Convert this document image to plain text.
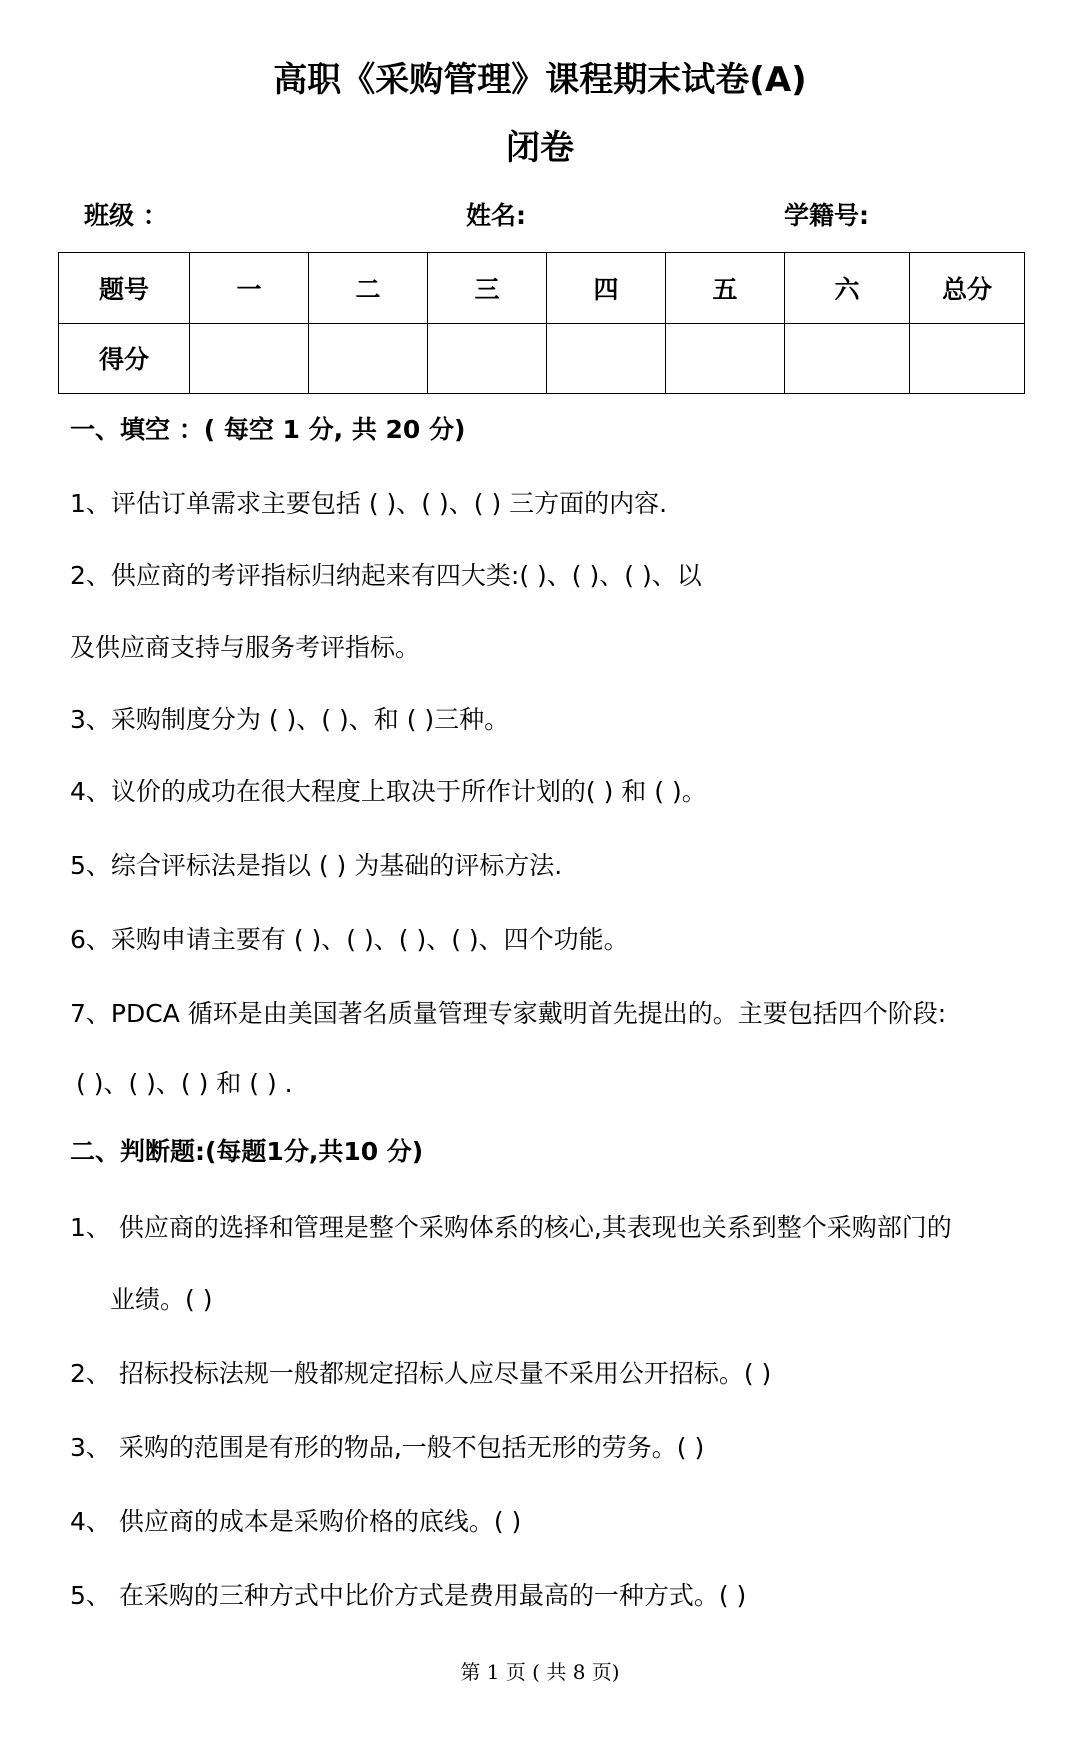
高职《采购管理》课程期末试卷(A)
闭卷
班级 ：	姓名:	学籍号:
题号	一	二	三	四	五	六	总分
得分							
一、填空 ：( 每空 1 分, 共 20 分)
1、评估订单需求主要包括 ( )、( )、( ) 三方面的内容.
2、供应商的考评指标归纳起来有四大类:( )、( )、( )、以
及供应商支持与服务考评指标。
3、采购制度分为 ( )、( )、和 ( )三种。
4、议价的成功在很大程度上取决于所作计划的( ) 和 ( )。
5、综合评标法是指以 ( ) 为基础的评标方法.
6、采购申请主要有 ( )、( )、( )、( )、四个功能。
7、PDCA 循环是由美国著名质量管理专家戴明首先提出的。主要包括四个阶段:
( )、( )、( ) 和 ( ) .
二、判断题:(每题1分,共10 分)
1、 供应商的选择和管理是整个采购体系的核心,其表现也关系到整个采购部门的
业绩。( )
2、 招标投标法规一般都规定招标人应尽量不采用公开招标。( )
3、 采购的范围是有形的物品,一般不包括无形的劳务。( )
4、 供应商的成本是采购价格的底线。( )
5、 在采购的三种方式中比价方式是费用最高的一种方式。( )
第 1 页 ( 共 8 页)
